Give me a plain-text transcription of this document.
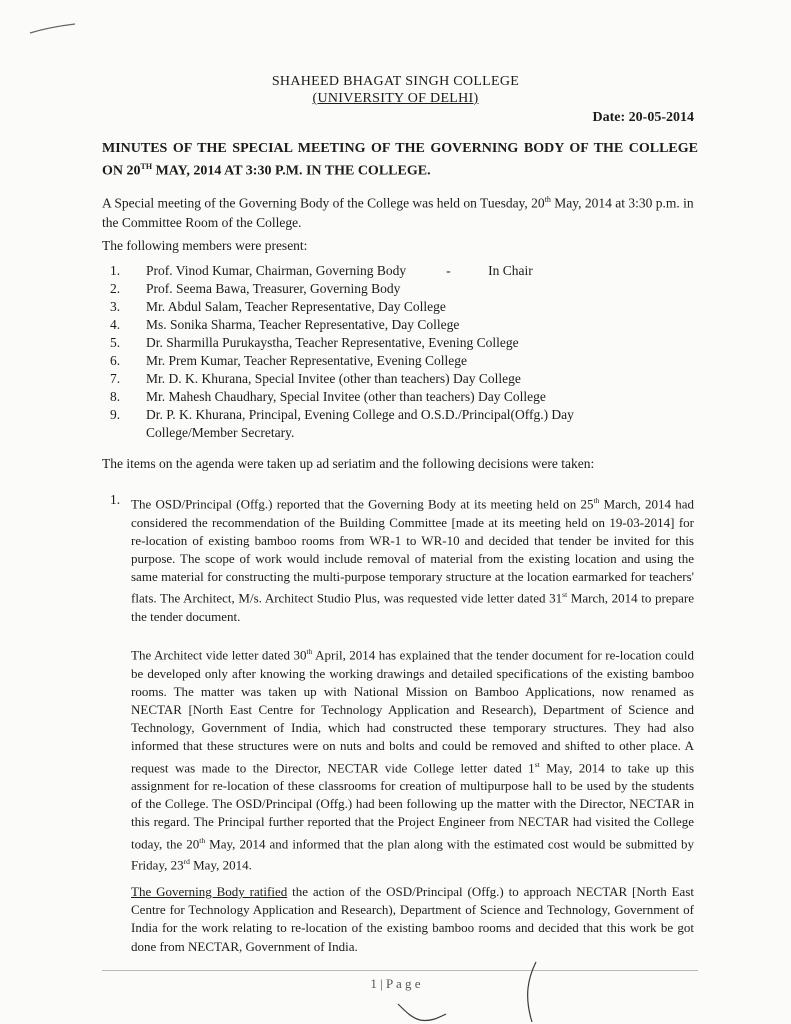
SHAHEED BHAGAT SINGH COLLEGE
(UNIVERSITY OF DELHI)
Date: 20-05-2014
MINUTES OF THE SPECIAL MEETING OF THE GOVERNING BODY OF THE COLLEGE ON 20TH MAY, 2014 AT 3:30 P.M. IN THE COLLEGE.
A Special meeting of the Governing Body of the College was held on Tuesday, 20th May, 2014 at 3:30 p.m. in the Committee Room of the College.
The following members were present:
1.	Prof. Vinod Kumar, Chairman, Governing Body	-	In Chair
2.	Prof. Seema Bawa, Treasurer, Governing Body
3.	Mr. Abdul Salam, Teacher Representative, Day College
4.	Ms. Sonika Sharma, Teacher Representative, Day College
5.	Dr. Sharmilla Purukaystha, Teacher Representative, Evening College
6.	Mr. Prem Kumar, Teacher Representative, Evening College
7.	Mr. D. K. Khurana, Special Invitee (other than teachers) Day College
8.	Mr. Mahesh Chaudhary, Special Invitee (other than teachers) Day College
9.	Dr. P. K. Khurana, Principal, Evening College and O.S.D./Principal(Offg.) Day College/Member Secretary.
The items on the agenda were taken up ad seriatim and the following decisions were taken:
1. The OSD/Principal (Offg.) reported that the Governing Body at its meeting held on 25th March, 2014 had considered the recommendation of the Building Committee [made at its meeting held on 19-03-2014] for re-location of existing bamboo rooms from WR-1 to WR-10 and decided that tender be invited for this purpose. The scope of work would include removal of material from the existing location and using the same material for constructing the multi-purpose temporary structure at the location earmarked for teachers' flats. The Architect, M/s. Architect Studio Plus, was requested vide letter dated 31st March, 2014 to prepare the tender document.
The Architect vide letter dated 30th April, 2014 has explained that the tender document for re-location could be developed only after knowing the working drawings and detailed specifications of the existing bamboo rooms. The matter was taken up with National Mission on Bamboo Applications, now renamed as NECTAR [North East Centre for Technology Application and Research), Department of Science and Technology, Government of India, which had constructed these temporary structures. They had also informed that these structures were on nuts and bolts and could be removed and shifted to other place. A request was made to the Director, NECTAR vide College letter dated 1st May, 2014 to take up this assignment for re-location of these classrooms for creation of multipurpose hall to be used by the students of the College. The OSD/Principal (Offg.) had been following up the matter with the Director, NECTAR in this regard. The Principal further reported that the Project Engineer from NECTAR had visited the College today, the 20th May, 2014 and informed that the plan along with the estimated cost would be submitted by Friday, 23rd May, 2014.
The Governing Body ratified the action of the OSD/Principal (Offg.) to approach NECTAR [North East Centre for Technology Application and Research), Department of Science and Technology, Government of India for the work relating to re-location of the existing bamboo rooms and decided that this work be got done from NECTAR, Government of India.
1 | P a g e
